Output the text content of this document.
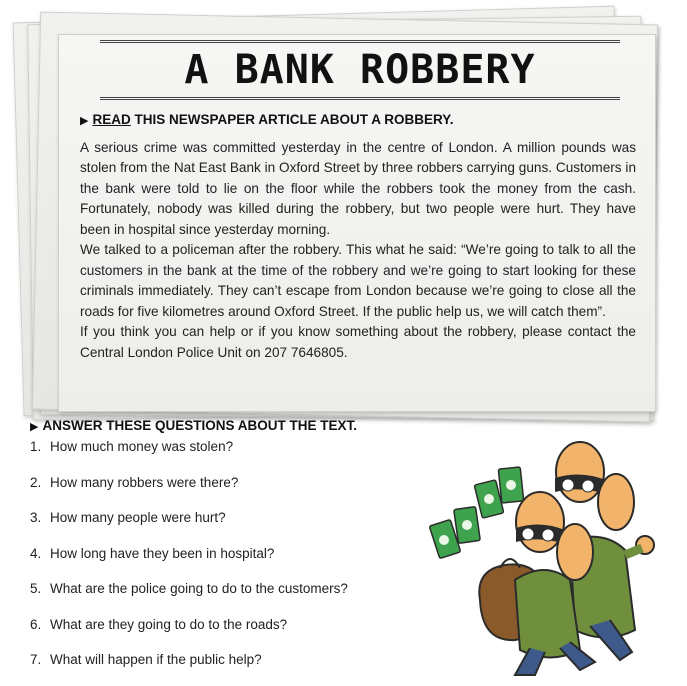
A BANK ROBBERY
▶ READ THIS NEWSPAPER ARTICLE ABOUT A ROBBERY.

A serious crime was committed yesterday in the centre of London. A million pounds was stolen from the Nat East Bank in Oxford Street by three robbers carrying guns. Customers in the bank were told to lie on the floor while the robbers took the money from the cash. Fortunately, nobody was killed during the robbery, but two people were hurt. They have been in hospital since yesterday morning.

We talked to a policeman after the robbery. This what he said: “We’re going to talk to all the customers in the bank at the time of the robbery and we’re going to start looking for these criminals immediately. They can’t escape from London because we’re going to close all the roads for five kilometres around Oxford Street. If the public help us, we will catch them”.

If you think you can help or if you know something about the robbery, please contact the Central London Police Unit on 207 7646805.

▶ ANSWER THESE QUESTIONS ABOUT THE TEXT.
1. How much money was stolen?
2. How many robbers were there?
3. How many people were hurt?
4. How long have they been in hospital?
5. What are the police going to do to the customers?
6. What are they going to do to the roads?
7. What will happen if the public help?
